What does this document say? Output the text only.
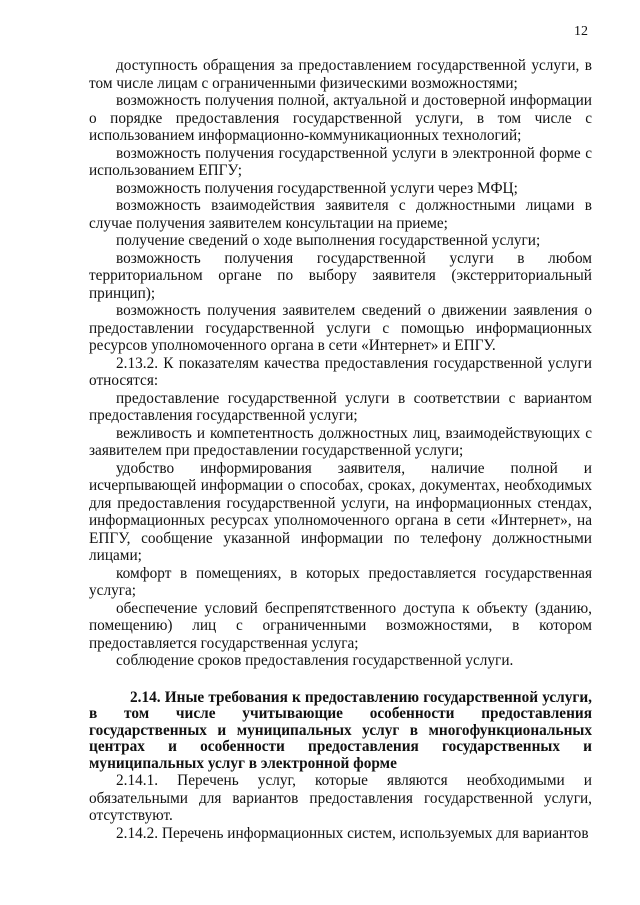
12

доступность обращения за предоставлением государственной услуги, в том числе лицам с ограниченными физическими возможностями;

возможность получения полной, актуальной и достоверной информации о порядке предоставления государственной услуги, в том числе с использованием информационно-коммуникационных технологий;

возможность получения государственной услуги в электронной форме с использованием ЕПГУ;

возможность получения государственной услуги через МФЦ;

возможность взаимодействия заявителя с должностными лицами в случае получения заявителем консультации на приеме;

получение сведений о ходе выполнения государственной услуги;

возможность получения государственной услуги в любом территориальном органе по выбору заявителя (экстерриториальный принцип);

возможность получения заявителем сведений о движении заявления о предоставлении государственной услуги с помощью информационных ресурсов уполномоченного органа в сети «Интернет» и ЕПГУ.

2.13.2. К показателям качества предоставления государственной услуги относятся:

предоставление государственной услуги в соответствии с вариантом предоставления государственной услуги;

вежливость и компетентность должностных лиц, взаимодействующих с заявителем при предоставлении государственной услуги;

удобство информирования заявителя, наличие полной и исчерпывающей информации о способах, сроках, документах, необходимых для предоставления государственной услуги, на информационных стендах, информационных ресурсах уполномоченного органа в сети «Интернет», на ЕПГУ, сообщение указанной информации по телефону должностными лицами;

комфорт в помещениях, в которых предоставляется государственная услуга;

обеспечение условий беспрепятственного доступа к объекту (зданию, помещению) лиц с ограниченными возможностями, в котором предоставляется государственная услуга;

соблюдение сроков предоставления государственной услуги.

2.14. Иные требования к предоставлению государственной услуги, в том числе учитывающие особенности предоставления государственных и муниципальных услуг в многофункциональных центрах и особенности предоставления государственных и муниципальных услуг в электронной форме

2.14.1. Перечень услуг, которые являются необходимыми и обязательными для вариантов предоставления государственной услуги, отсутствуют.

2.14.2. Перечень информационных систем, используемых для вариантов
